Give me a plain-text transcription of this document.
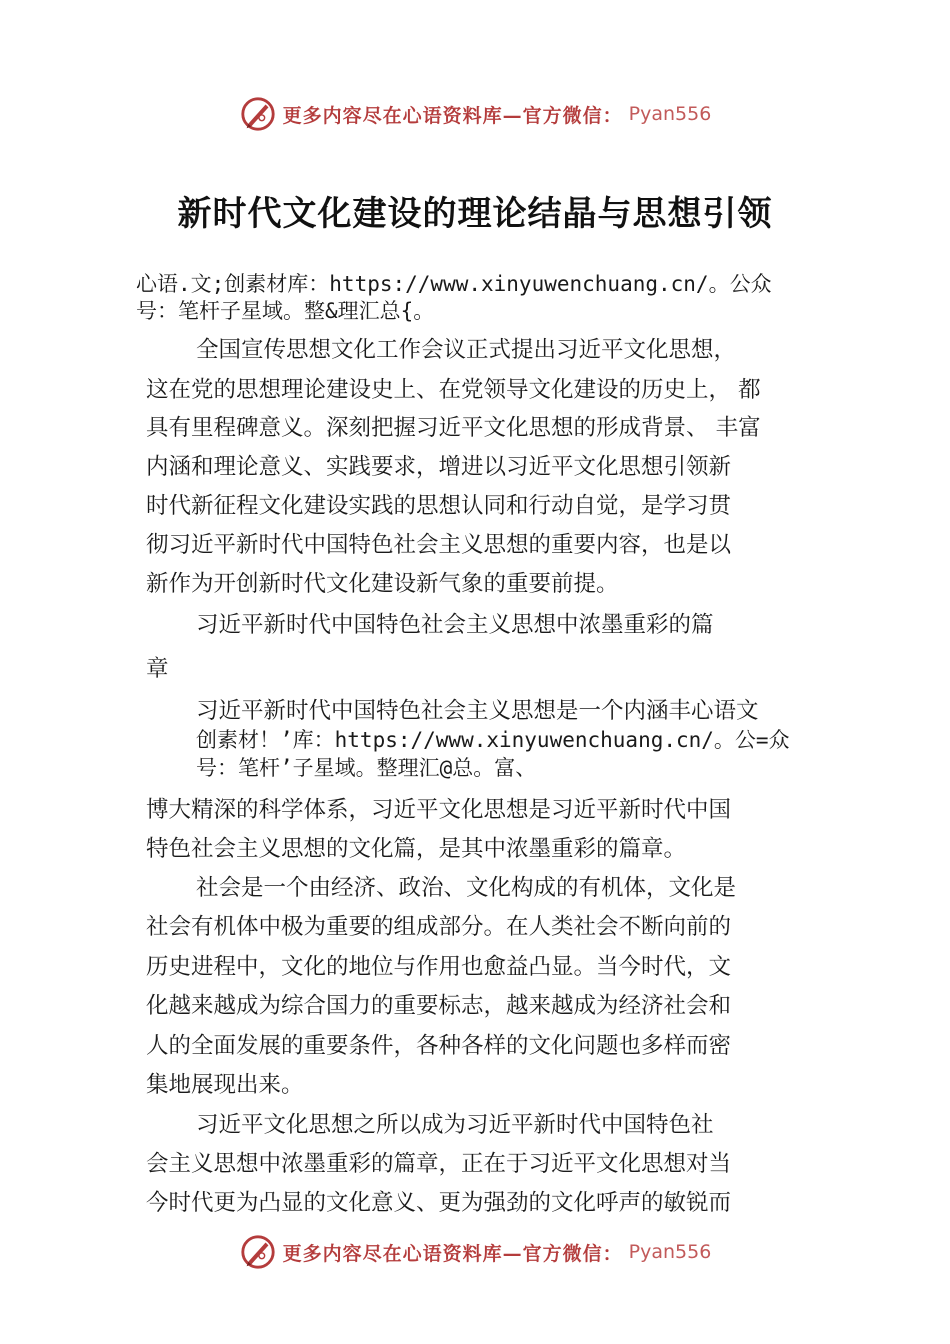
更多内容尽在心语资料库—官方微信： Pyan556
新时代文化建设的理论结晶与思想引领
心语.文;创素材库：https://www.xinyuwenchuang.cn/。公众
号：笔杆子星域。整&理汇总{。
全国宣传思想文化工作会议正式提出习近平文化思想，
这在党的思想理论建设史上、在党领导文化建设的历史上， 都
具有里程碑意义。深刻把握习近平文化思想的形成背景、 丰富
内涵和理论意义、实践要求，增进以习近平文化思想引领新
时代新征程文化建设实践的思想认同和行动自觉，是学习贯
彻习近平新时代中国特色社会主义思想的重要内容，也是以
新作为开创新时代文化建设新气象的重要前提。
习近平新时代中国特色社会主义思想中浓墨重彩的篇
章
习近平新时代中国特色社会主义思想是一个内涵丰心语文
创素材！’库：https://www.xinyuwenchuang.cn/。公=众
号：笔杆’子星域。整理汇@总。富、
博大精深的科学体系，习近平文化思想是习近平新时代中国
特色社会主义思想的文化篇，是其中浓墨重彩的篇章。
社会是一个由经济、政治、文化构成的有机体，文化是
社会有机体中极为重要的组成部分。在人类社会不断向前的
历史进程中，文化的地位与作用也愈益凸显。当今时代，文
化越来越成为综合国力的重要标志，越来越成为经济社会和
人的全面发展的重要条件，各种各样的文化问题也多样而密
集地展现出来。
习近平文化思想之所以成为习近平新时代中国特色社
会主义思想中浓墨重彩的篇章，正在于习近平文化思想对当
今时代更为凸显的文化意义、更为强劲的文化呼声的敏锐而
更多内容尽在心语资料库—官方微信： Pyan556
